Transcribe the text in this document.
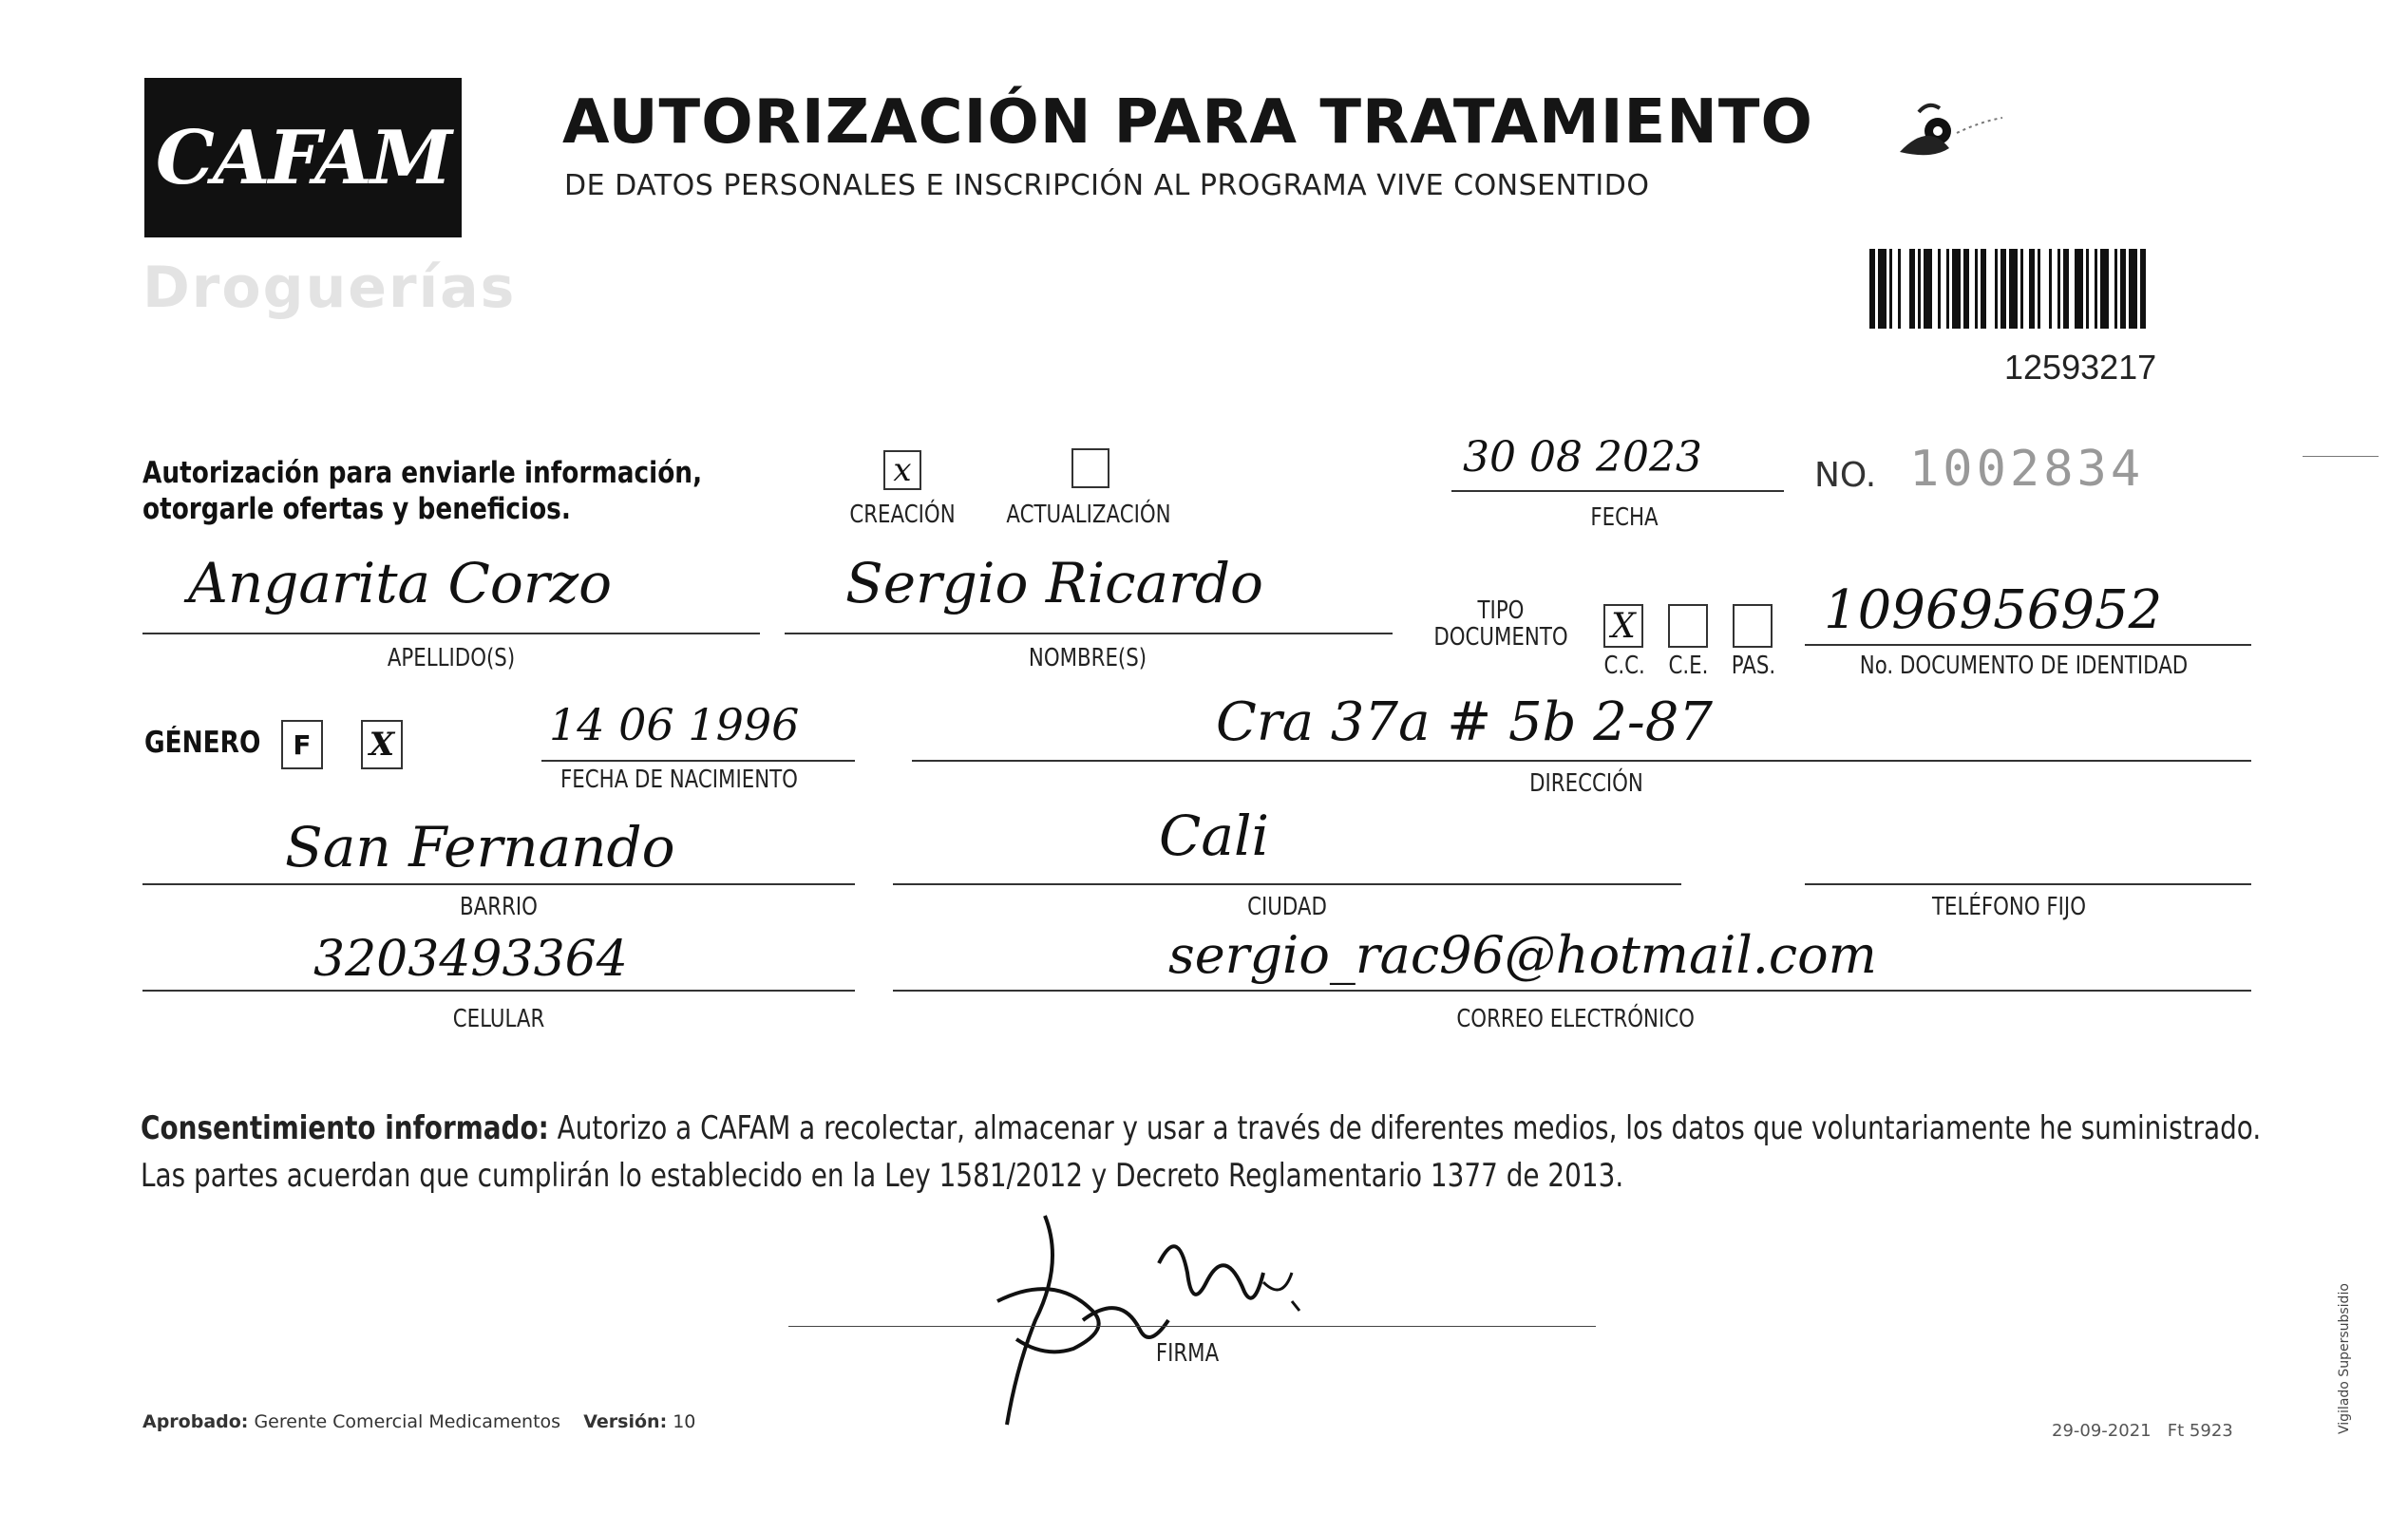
CAFAM
Droguerías
AUTORIZACIÓN PARA TRATAMIENTO
DE DATOS PERSONALES E INSCRIPCIÓN AL PROGRAMA VIVE CONSENTIDO
12593217
Autorización para enviarle información,
otorgarle ofertas y beneficios.
x
CREACIÓN	ACTUALIZACIÓN
30 08 2023
FECHA
NO. 1002834
Angarita Corzo
APELLIDO(S)
Sergio Ricardo
NOMBRE(S)
TIPO
DOCUMENTO X
C.C. C.E. PAS.
1096956952
No. DOCUMENTO DE IDENTIDAD
GÉNERO F X	14 06 1996
FECHA DE NACIMIENTO
Cra 37a # 5b 2-87
DIRECCIÓN
San Fernando
BARRIO
Cali
CIUDAD	TELÉFONO FIJO
3203493364
CELULAR
sergio_rac96@hotmail.com
CORREO ELECTRÓNICO
Consentimiento informado: Autorizo a CAFAM a recolectar, almacenar y usar a través de diferentes medios, los datos que voluntariamente he suministrado.
Las partes acuerdan que cumplirán lo establecido en la Ley 1581/2012 y Decreto Reglamentario 1377 de 2013.
FIRMA
Aprobado: Gerente Comercial Medicamentos Versión: 10	29-09-2021 Ft 5923	Vigilado Supersubsidio
